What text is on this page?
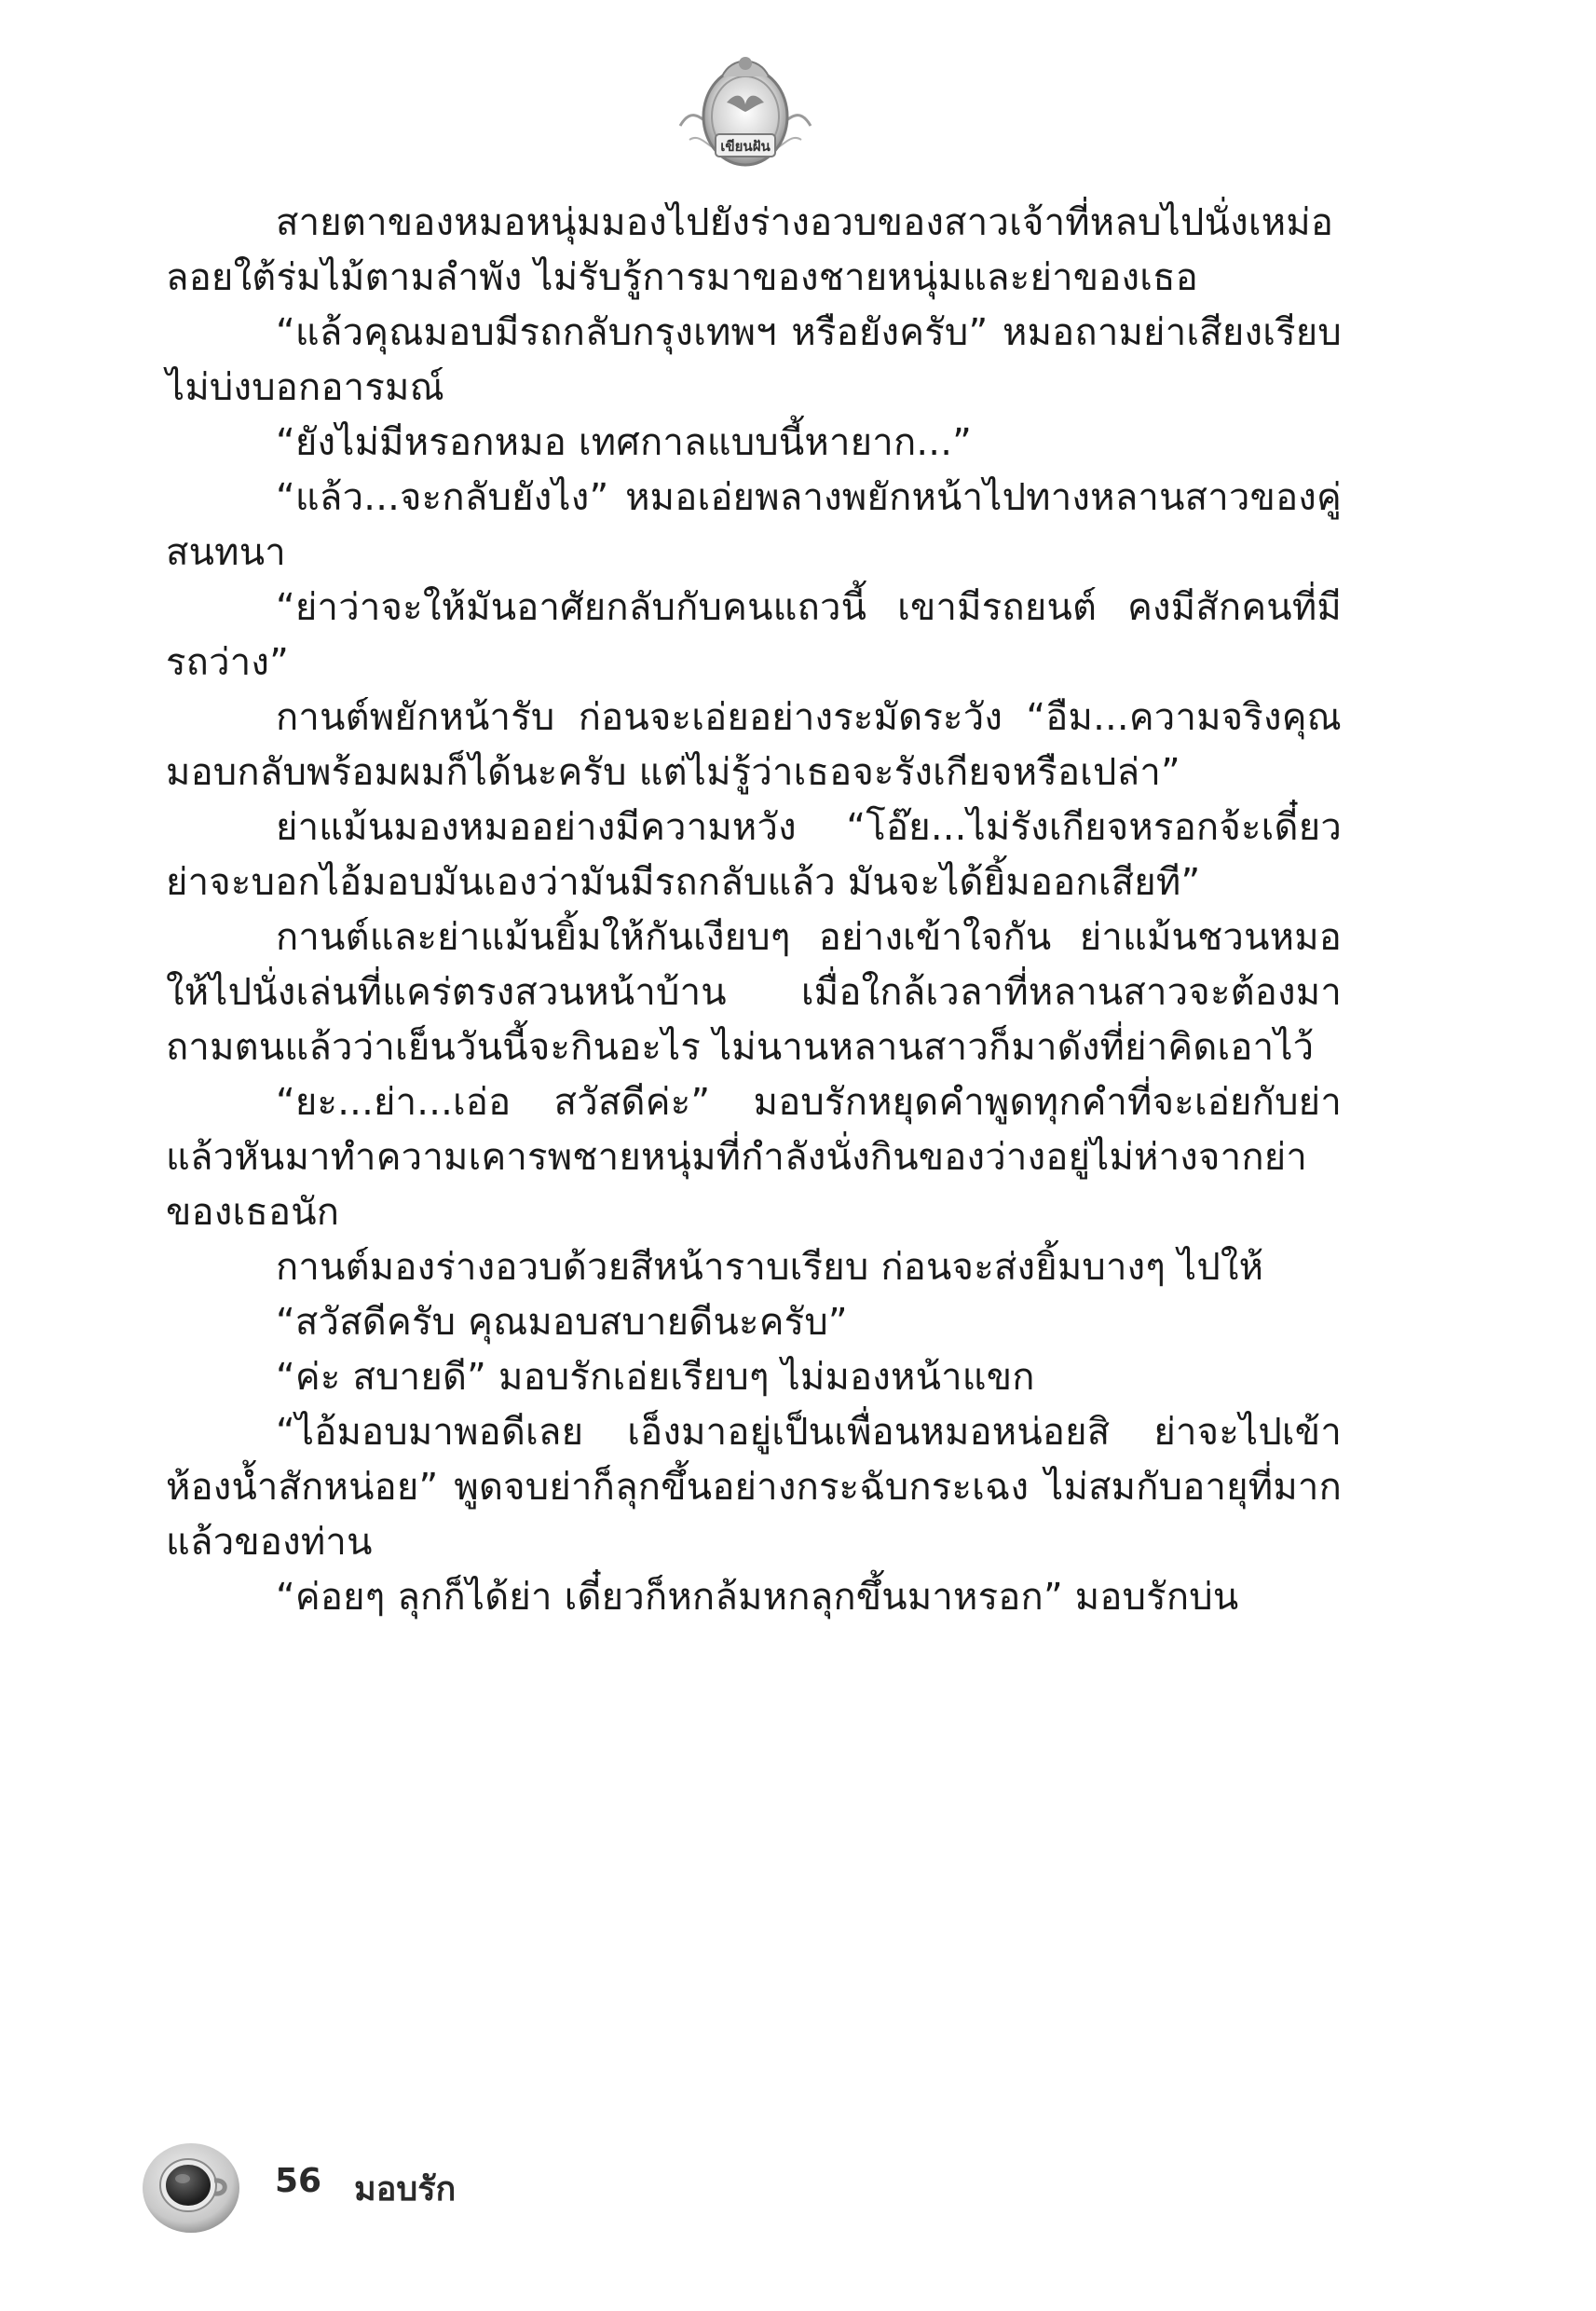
เขียนฝัน

สายตาของหมอหนุ่มมองไปยังร่างอวบของสาวเจ้าที่หลบไปนั่งเหม่อลอยใต้ร่มไม้ตามลำพัง ไม่รับรู้การมาของชายหนุ่มและย่าของเธอ

“แล้วคุณมอบมีรถกลับกรุงเทพฯ หรือยังครับ” หมอถามย่าเสียงเรียบไม่บ่งบอกอารมณ์

“ยังไม่มีหรอกหมอ เทศกาลแบบนี้หายาก...”

“แล้ว...จะกลับยังไง” หมอเอ่ยพลางพยักหน้าไปทางหลานสาวของคู่สนทนา

“ย่าว่าจะให้มันอาศัยกลับกับคนแถวนี้ เขามีรถยนต์ คงมีสักคนที่มีรถว่าง”

กานต์พยักหน้ารับ ก่อนจะเอ่ยอย่างระมัดระวัง “อืม...ความจริงคุณมอบกลับพร้อมผมก็ได้นะครับ แต่ไม่รู้ว่าเธอจะรังเกียจหรือเปล่า”

ย่าแม้นมองหมออย่างมีความหวัง “โอ๊ย...ไม่รังเกียจหรอกจ้ะเดี๋ยวย่าจะบอกไอ้มอบมันเองว่ามันมีรถกลับแล้ว มันจะได้ยิ้มออกเสียที”

กานต์และย่าแม้นยิ้มให้กันเงียบๆ อย่างเข้าใจกัน ย่าแม้นชวนหมอให้ไปนั่งเล่นที่แคร่ตรงสวนหน้าบ้าน เมื่อใกล้เวลาที่หลานสาวจะต้องมาถามตนแล้วว่าเย็นวันนี้จะกินอะไร ไม่นานหลานสาวก็มาดังที่ย่าคิดเอาไว้

“ยะ...ย่า...เอ่อ สวัสดีค่ะ” มอบรักหยุดคำพูดทุกคำที่จะเอ่ยกับย่าแล้วหันมาทำความเคารพชายหนุ่มที่กำลังนั่งกินของว่างอยู่ไม่ห่างจากย่าของเธอนัก

กานต์มองร่างอวบด้วยสีหน้าราบเรียบ ก่อนจะส่งยิ้มบางๆ ไปให้

“สวัสดีครับ คุณมอบสบายดีนะครับ”

“ค่ะ สบายดี” มอบรักเอ่ยเรียบๆ ไม่มองหน้าแขก

“ไอ้มอบมาพอดีเลย เอ็งมาอยู่เป็นเพื่อนหมอหน่อยสิ ย่าจะไปเข้าห้องน้ำสักหน่อย” พูดจบย่าก็ลุกขึ้นอย่างกระฉับกระเฉง ไม่สมกับอายุที่มากแล้วของท่าน

“ค่อยๆ ลุกก็ได้ย่า เดี๋ยวก็หกล้มหกลุกขึ้นมาหรอก” มอบรักบ่น

56 มอบรัก
